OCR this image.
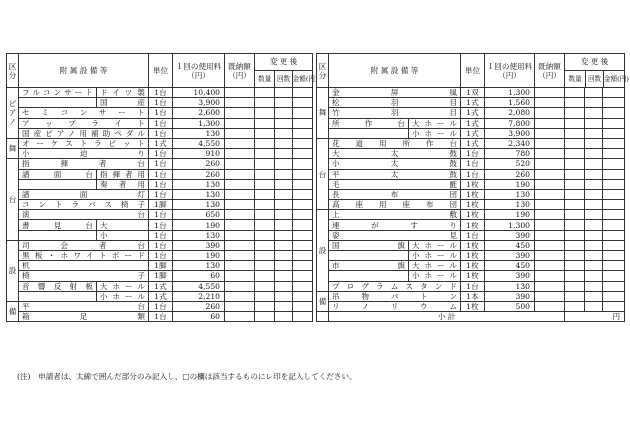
区分	附 属 設 備 等		単位	１回の使用料（円）	既納額（円）	変 更 後
数量 回数 金額(円)		

ピアノ	フルコンサート	ドイツ製	1台	10,400				
		国 産	1台	3,900				
	セ ミ コ ン サ ー ト		1台	2,600				
	ア ッ プ ラ イ ト		1台	1,300				
	国産ピアノ用補助ペダル		1台	130				
舞	オ ー ケ ス ト ラ ピ ッ ト		1式	4,550				
	小 迫 り		1台	910				
台	指 揮 者 台		1台	260				
	譜 面 台	指揮者用	1台	260				
		奏 者 用	1台	130				
	譜 面 灯		1台	130				
	コ ン ト ラ バ ス 椅 子		1脚	130				
	演 台		1台	650				
	書 見 台	大	1台	190				
		小	1台	130				
設	司 会 者 台		1台	390				
	黒板・ホワイトボード		1台	190				
	机		1脚	130				
	椅 子		1脚	60				
	音 響 反 射 板	大ホール	1式	4,550				
		小ホール	1式	2,210				
備	平 台		1台	260				
	箱 足 類		1台	60				
区分	附 属 設 備 等		単位	１回の使用料（円）	既納額（円）	変 更 後
数量 回数 金額(円)		

舞	金 屏 風		1双	1,300				
	松 羽 目		1式	1,560				
	竹 羽 目		1式	2,080				
	所 作 台	大ホール	1式	7,800				
		小ホール	1式	3,900				
台	花 道 用 所 作 台		1式	2,340				
	大 太 鼓		1台	780				
	小 太 鼓		1台	520				
	平 太 鼓		1台	260				
	毛 氈		1枚	190				
	長 布 団		1枚	130				
	高 座 用 座 布 団		1枚	130				
設	上 敷		1枚	190				
	連 が す り		1枚	1,300				
	姿 見		1台	390				
	国 旗	大ホール	1枚	450				
		小ホール	1枚	390				
	市 旗	大ホール	1枚	450				
		小ホール	1枚	390				
	プ ロ グ ラ ム ス タ ン ド		1台	130				
備	吊 物 バ ト ン		1本	390				
	リ ノ リ ウ ム		1枚	500				
	小 計					円		
(注)　申請者は、太線で囲んだ部分のみ記入し、□の欄は該当するものにレ印を記入してください。
